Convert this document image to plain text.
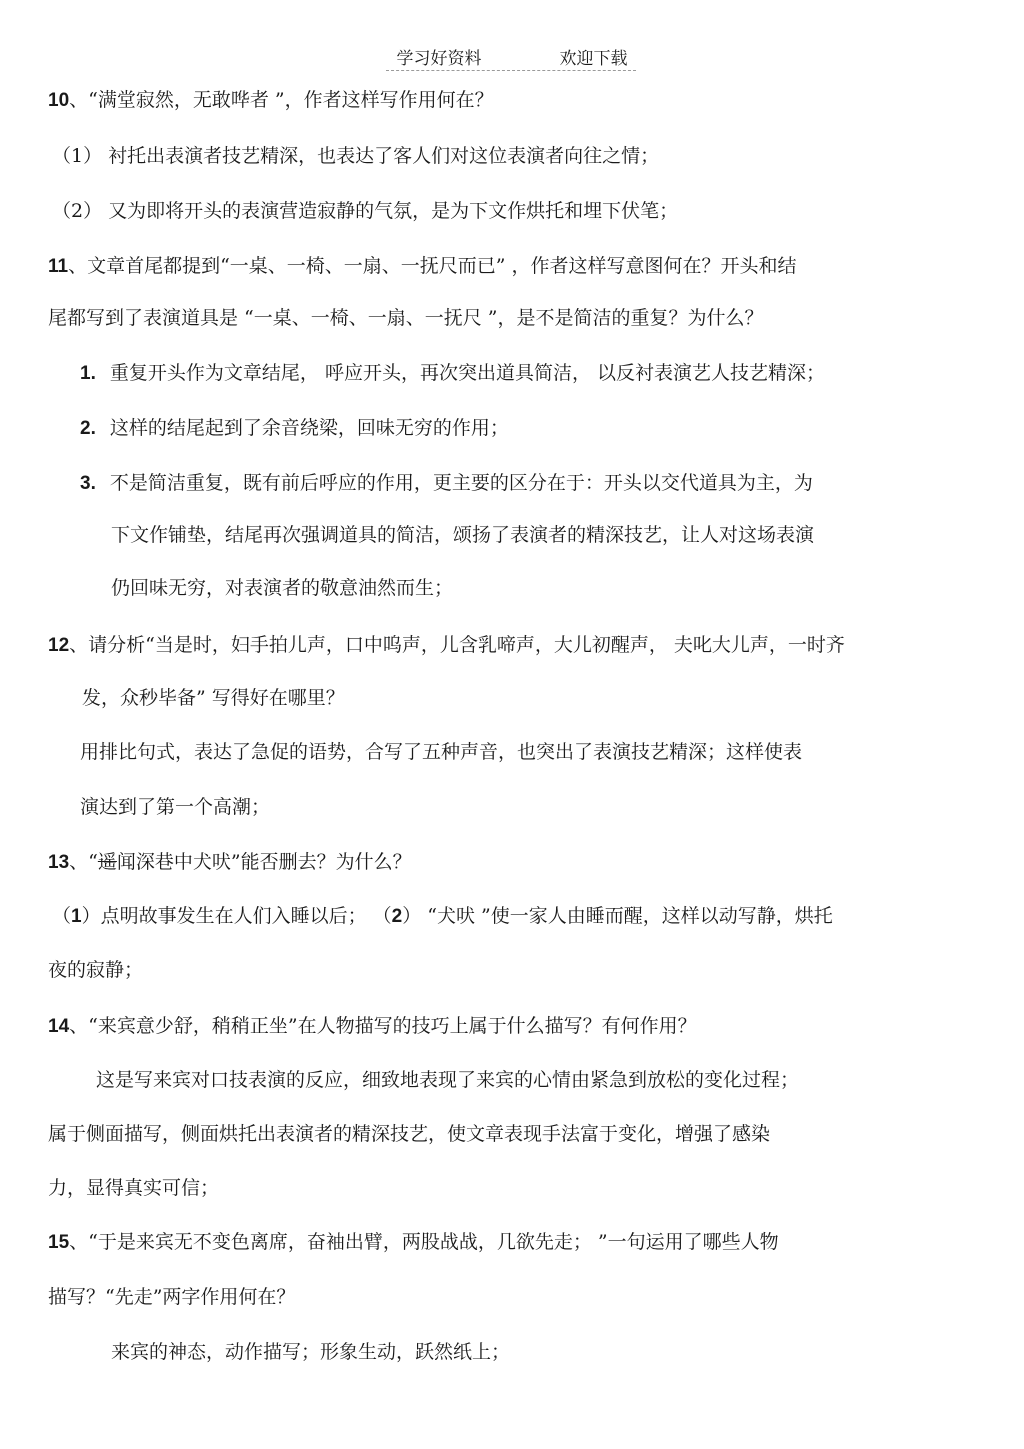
学习好资料	欢迎下载
10、“满堂寂然，无敢哗者 ”，作者这样写作用何在？
（1） 衬托出表演者技艺精深，也表达了客人们对这位表演者向往之情；
（2） 又为即将开头的表演营造寂静的气氛，是为下文作烘托和埋下伏笔；
11、文章首尾都提到“一桌、一椅、一扇、一抚尺而已” ，作者这样写意图何在？开头和结
尾都写到了表演道具是 “一桌、一椅、一扇、一抚尺 ”，是不是简洁的重复？为什么？
1. 重复开头作为文章结尾， 呼应开头，再次突出道具简洁， 以反衬表演艺人技艺精深；
2. 这样的结尾起到了余音绕梁，回味无穷的作用；
3. 不是简洁重复，既有前后呼应的作用，更主要的区分在于：开头以交代道具为主，为
下文作铺垫，结尾再次强调道具的简洁，颂扬了表演者的精深技艺，让人对这场表演
仍回味无穷，对表演者的敬意油然而生；
12、请分析“当是时，妇手拍儿声，口中呜声，儿含乳啼声，大儿初醒声， 夫叱大儿声，一时齐
发，众秒毕备” 写得好在哪里？
用排比句式，表达了急促的语势，合写了五种声音，也突出了表演技艺精深；这样使表
演达到了第一个高潮；
13、“遥闻深巷中犬吠”能否删去？为什么？
（1）点明故事发生在人们入睡以后； （2） “犬吠 ”使一家人由睡而醒，这样以动写静，烘托
夜的寂静；
14、“来宾意少舒，稍稍正坐”在人物描写的技巧上属于什么描写？有何作用？
这是写来宾对口技表演的反应，细致地表现了来宾的心情由紧急到放松的变化过程；
属于侧面描写，侧面烘托出表演者的精深技艺，使文章表现手法富于变化，增强了感染
力，显得真实可信；
15、“于是来宾无不变色离席，奋袖出臂，两股战战，几欲先走； ”一句运用了哪些人物
描写？“先走”两字作用何在？
来宾的神态，动作描写；形象生动，跃然纸上；
